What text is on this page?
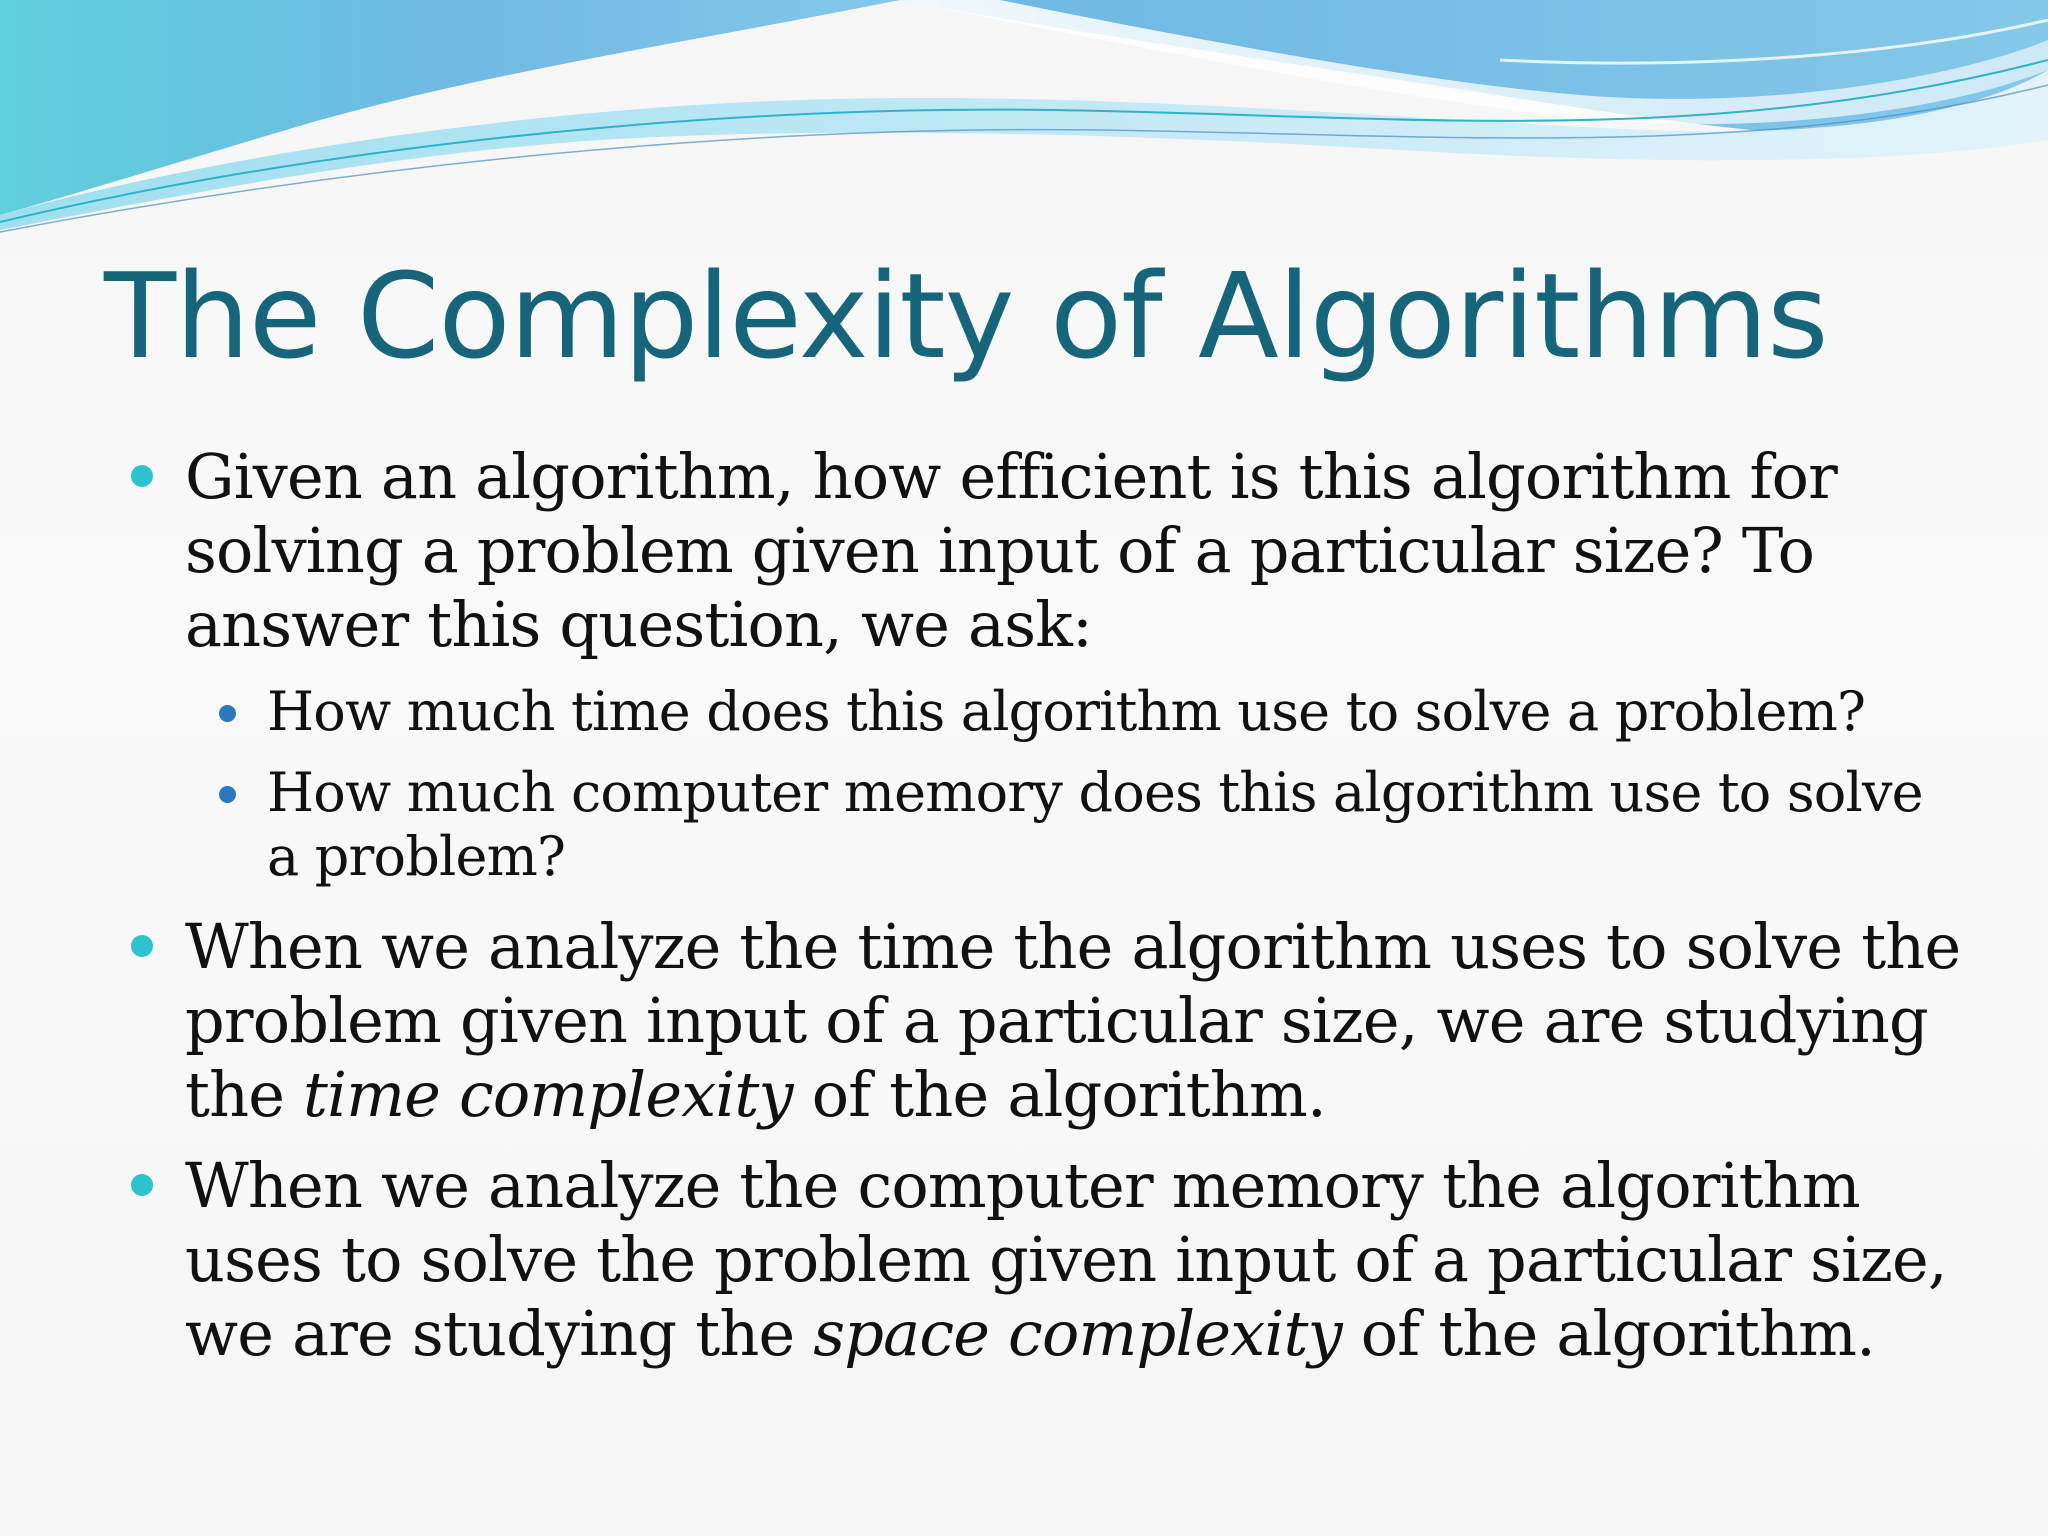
The Complexity of Algorithms

Given an algorithm, how efficient is this algorithm for
solving a problem given input of a particular size? To
answer this question, we ask:

How much time does this algorithm use to solve a problem?

How much computer memory does this algorithm use to solve
a problem?

When we analyze the time the algorithm uses to solve the
problem given input of a particular size, we are studying
the time complexity of the algorithm.

When we analyze the computer memory the algorithm
uses to solve the problem given input of a particular size,
we are studying the space complexity of the algorithm.
